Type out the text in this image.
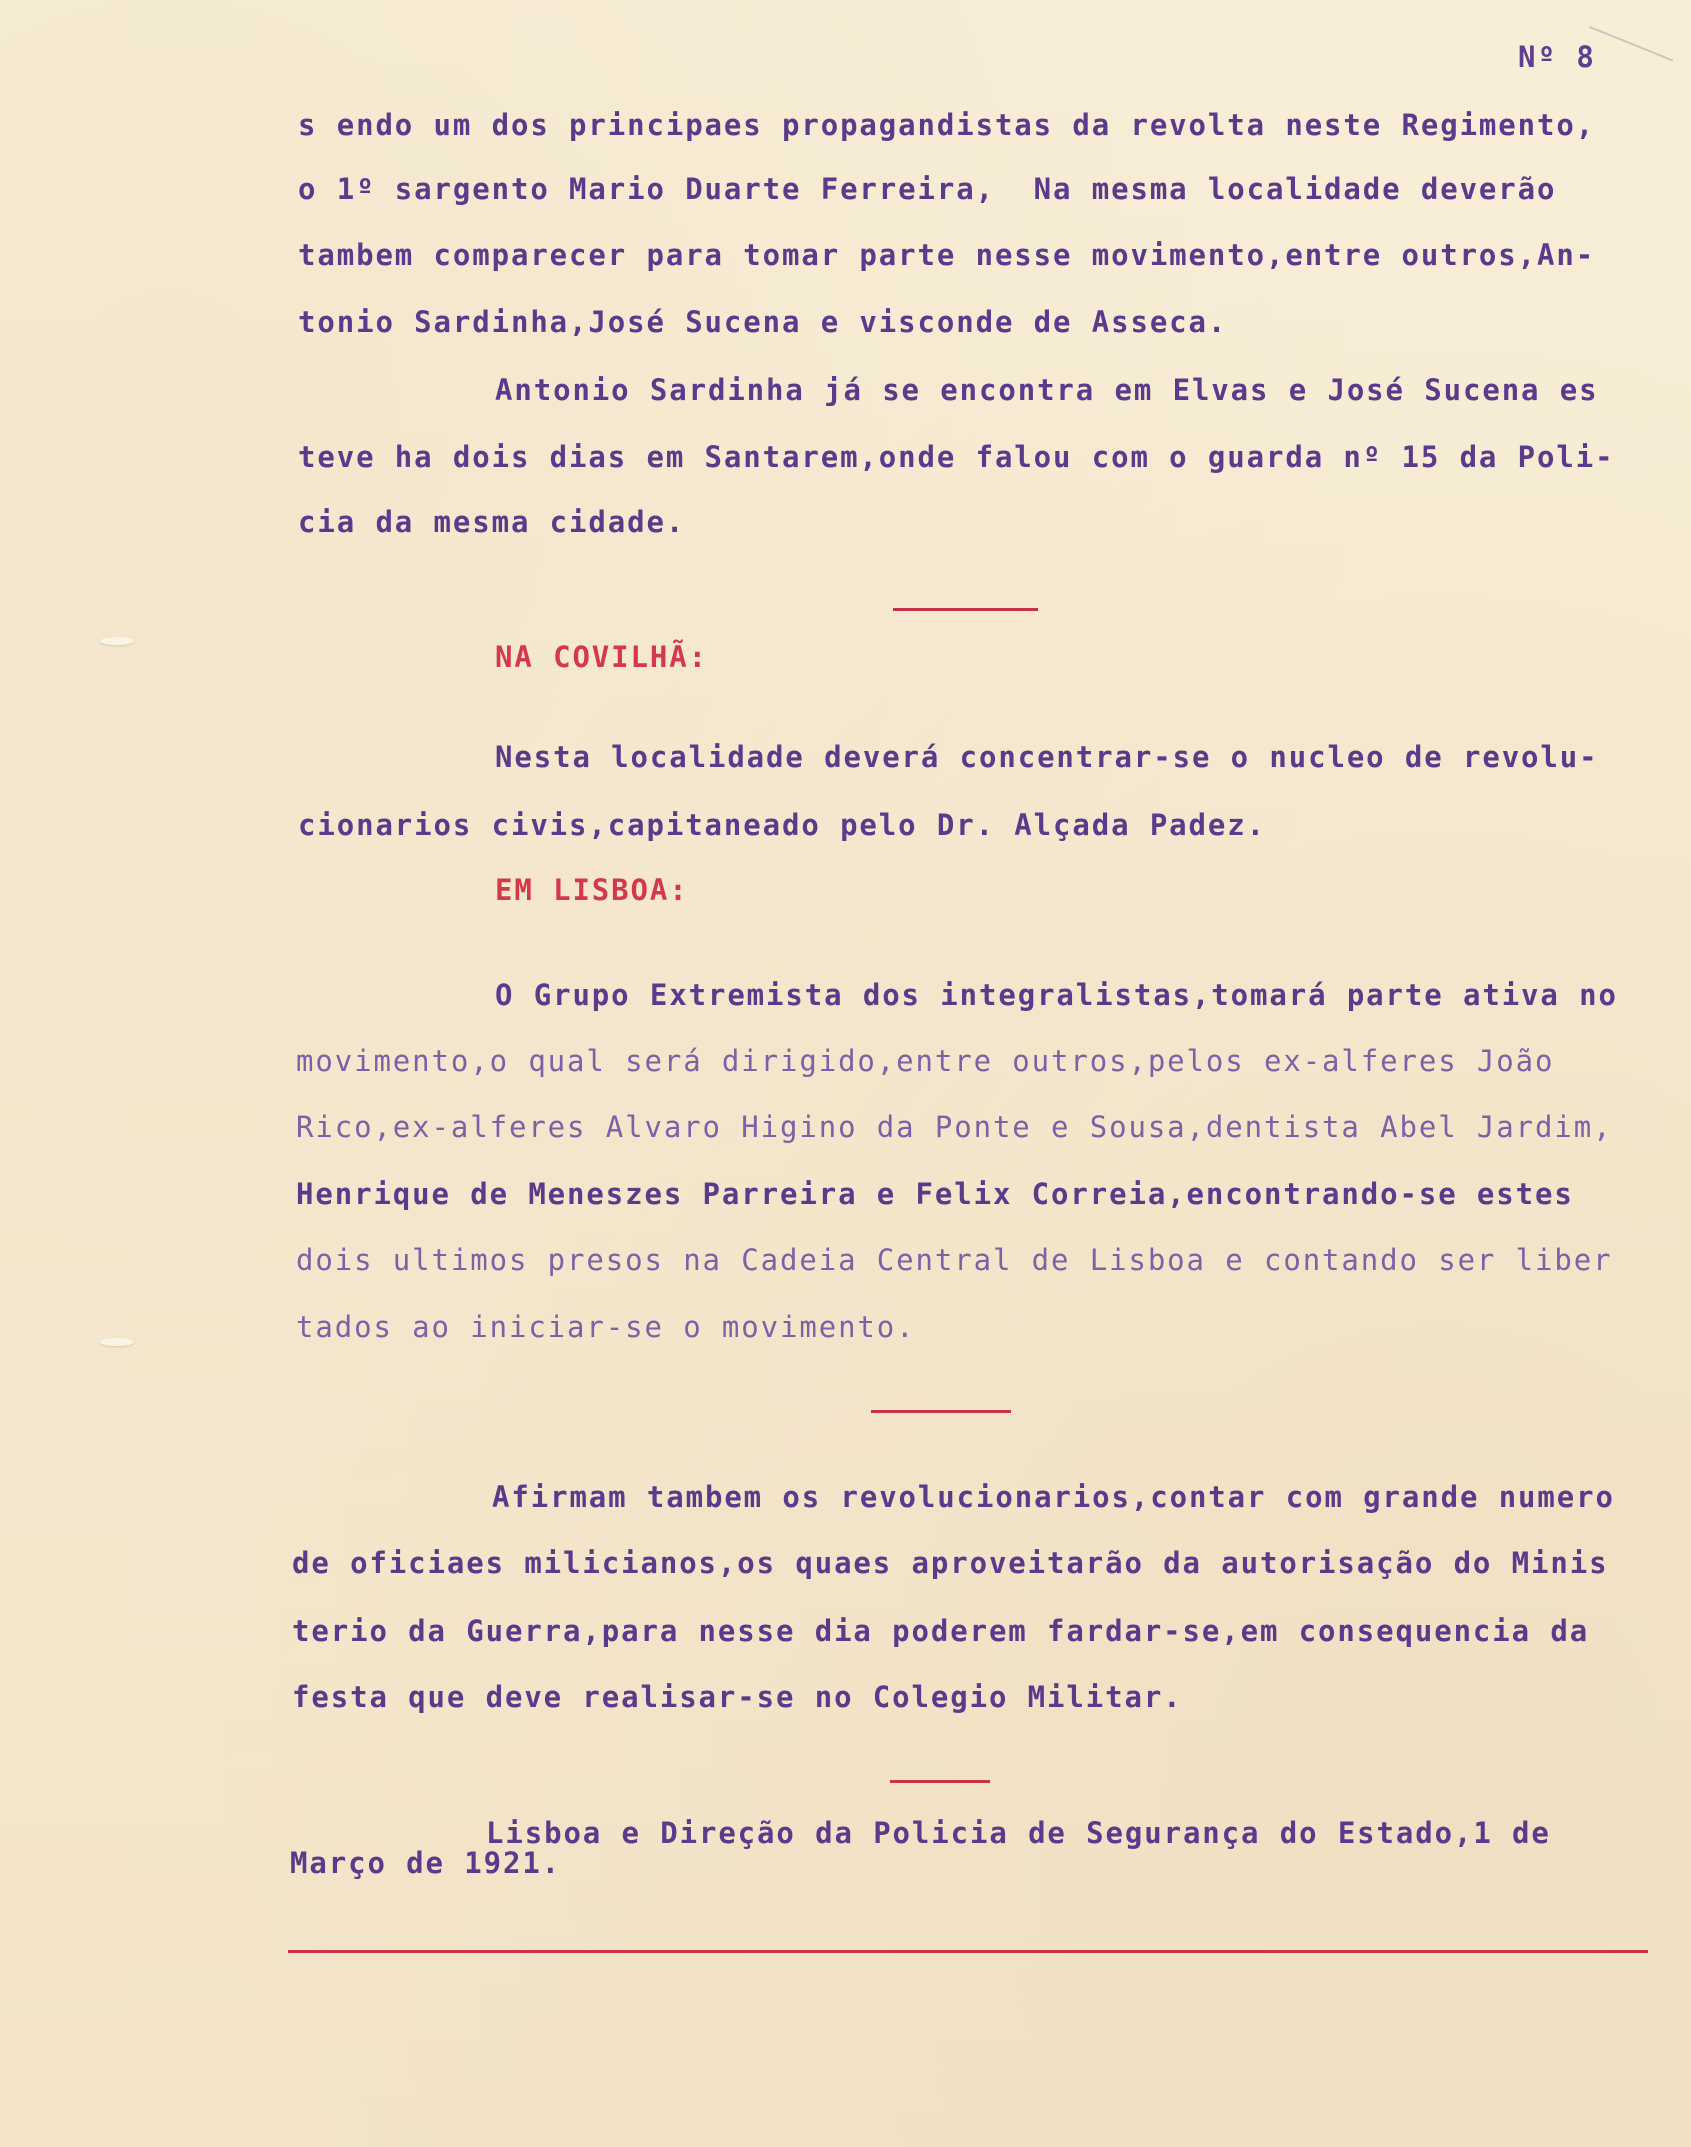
Nº 8
s endo um dos principaes propagandistas da revolta neste Regimento,
o 1º sargento Mario Duarte Ferreira,  Na mesma localidade deverão
tambem comparecer para tomar parte nesse movimento,entre outros,An-
tonio Sardinha,José Sucena e visconde de Asseca.
Antonio Sardinha já se encontra em Elvas e José Sucena es
teve ha dois dias em Santarem,onde falou com o guarda nº 15 da Poli-
cia da mesma cidade.
NA COVILHÃ:
Nesta localidade deverá concentrar-se o nucleo de revolu-
cionarios civis,capitaneado pelo Dr. Alçada Padez.
EM LISBOA:
O Grupo Extremista dos integralistas,tomará parte ativa no
movimento,o qual será dirigido,entre outros,pelos ex-alferes João
Rico,ex-alferes Alvaro Higino da Ponte e Sousa,dentista Abel Jardim,
Henrique de Meneszes Parreira e Felix Correia,encontrando-se estes
dois ultimos presos na Cadeia Central de Lisboa e contando ser liber
tados ao iniciar-se o movimento.
Afirmam tambem os revolucionarios,contar com grande numero
de oficiaes milicianos,os quaes aproveitarão da autorisação do Minis
terio da Guerra,para nesse dia poderem fardar-se,em consequencia da
festa que deve realisar-se no Colegio Militar.
Lisboa e Direção da Policia de Segurança do Estado,1 de
Março de 1921.
